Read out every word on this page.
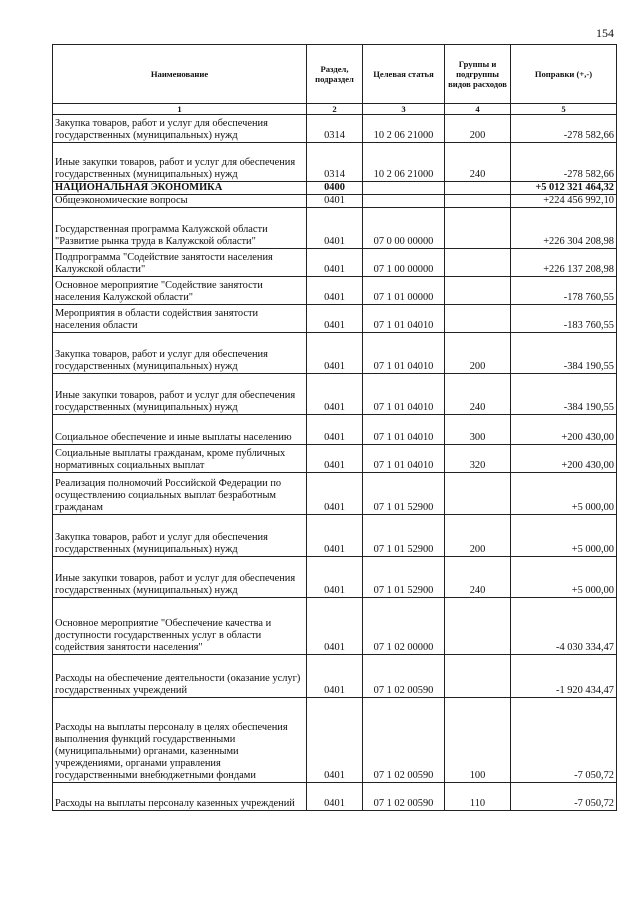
154
Наименование	Раздел, подраздел	Целевая статья	Группы и подгруппы видов расходов	Поправки (+,-)
1	2	3	4	5
Закупка товаров, работ и услуг для обеспечения государственных (муниципальных) нужд	0314	10 2 06 21000	200	-278 582,66
Иные закупки товаров, работ и услуг для обеспечения государственных (муниципальных) нужд	0314	10 2 06 21000	240	-278 582,66
НАЦИОНАЛЬНАЯ ЭКОНОМИКА	0400			+5 012 321 464,32
Общеэкономические вопросы	0401			+224 456 992,10
Государственная программа Калужской области "Развитие рынка труда в Калужской области"	0401	07 0 00 00000		+226 304 208,98
Подпрограмма "Содействие занятости населения Калужской области"	0401	07 1 00 00000		+226 137 208,98
Основное мероприятие "Содействие занятости населения Калужской области"	0401	07 1 01 00000		-178 760,55
Мероприятия в области содействия занятости населения области	0401	07 1 01 04010		-183 760,55
Закупка товаров, работ и услуг для обеспечения государственных (муниципальных) нужд	0401	07 1 01 04010	200	-384 190,55
Иные закупки товаров, работ и услуг для обеспечения государственных (муниципальных) нужд	0401	07 1 01 04010	240	-384 190,55
Социальное обеспечение и иные выплаты населению	0401	07 1 01 04010	300	+200 430,00
Социальные выплаты гражданам, кроме публичных нормативных социальных выплат	0401	07 1 01 04010	320	+200 430,00
Реализация полномочий Российской Федерации по осуществлению социальных выплат безработным гражданам	0401	07 1 01 52900		+5 000,00
Закупка товаров, работ и услуг для обеспечения государственных (муниципальных) нужд	0401	07 1 01 52900	200	+5 000,00
Иные закупки товаров, работ и услуг для обеспечения государственных (муниципальных) нужд	0401	07 1 01 52900	240	+5 000,00
Основное мероприятие "Обеспечение качества и доступности государственных услуг в области содействия занятости населения"	0401	07 1 02 00000		-4 030 334,47
Расходы на обеспечение деятельности (оказание услуг) государственных учреждений	0401	07 1 02 00590		-1 920 434,47
Расходы на выплаты персоналу в целях обеспечения выполнения функций государственными (муниципальными) органами, казенными учреждениями, органами управления государственными внебюджетными фондами	0401	07 1 02 00590	100	-7 050,72
Расходы на выплаты персоналу казенных учреждений	0401	07 1 02 00590	110	-7 050,72
